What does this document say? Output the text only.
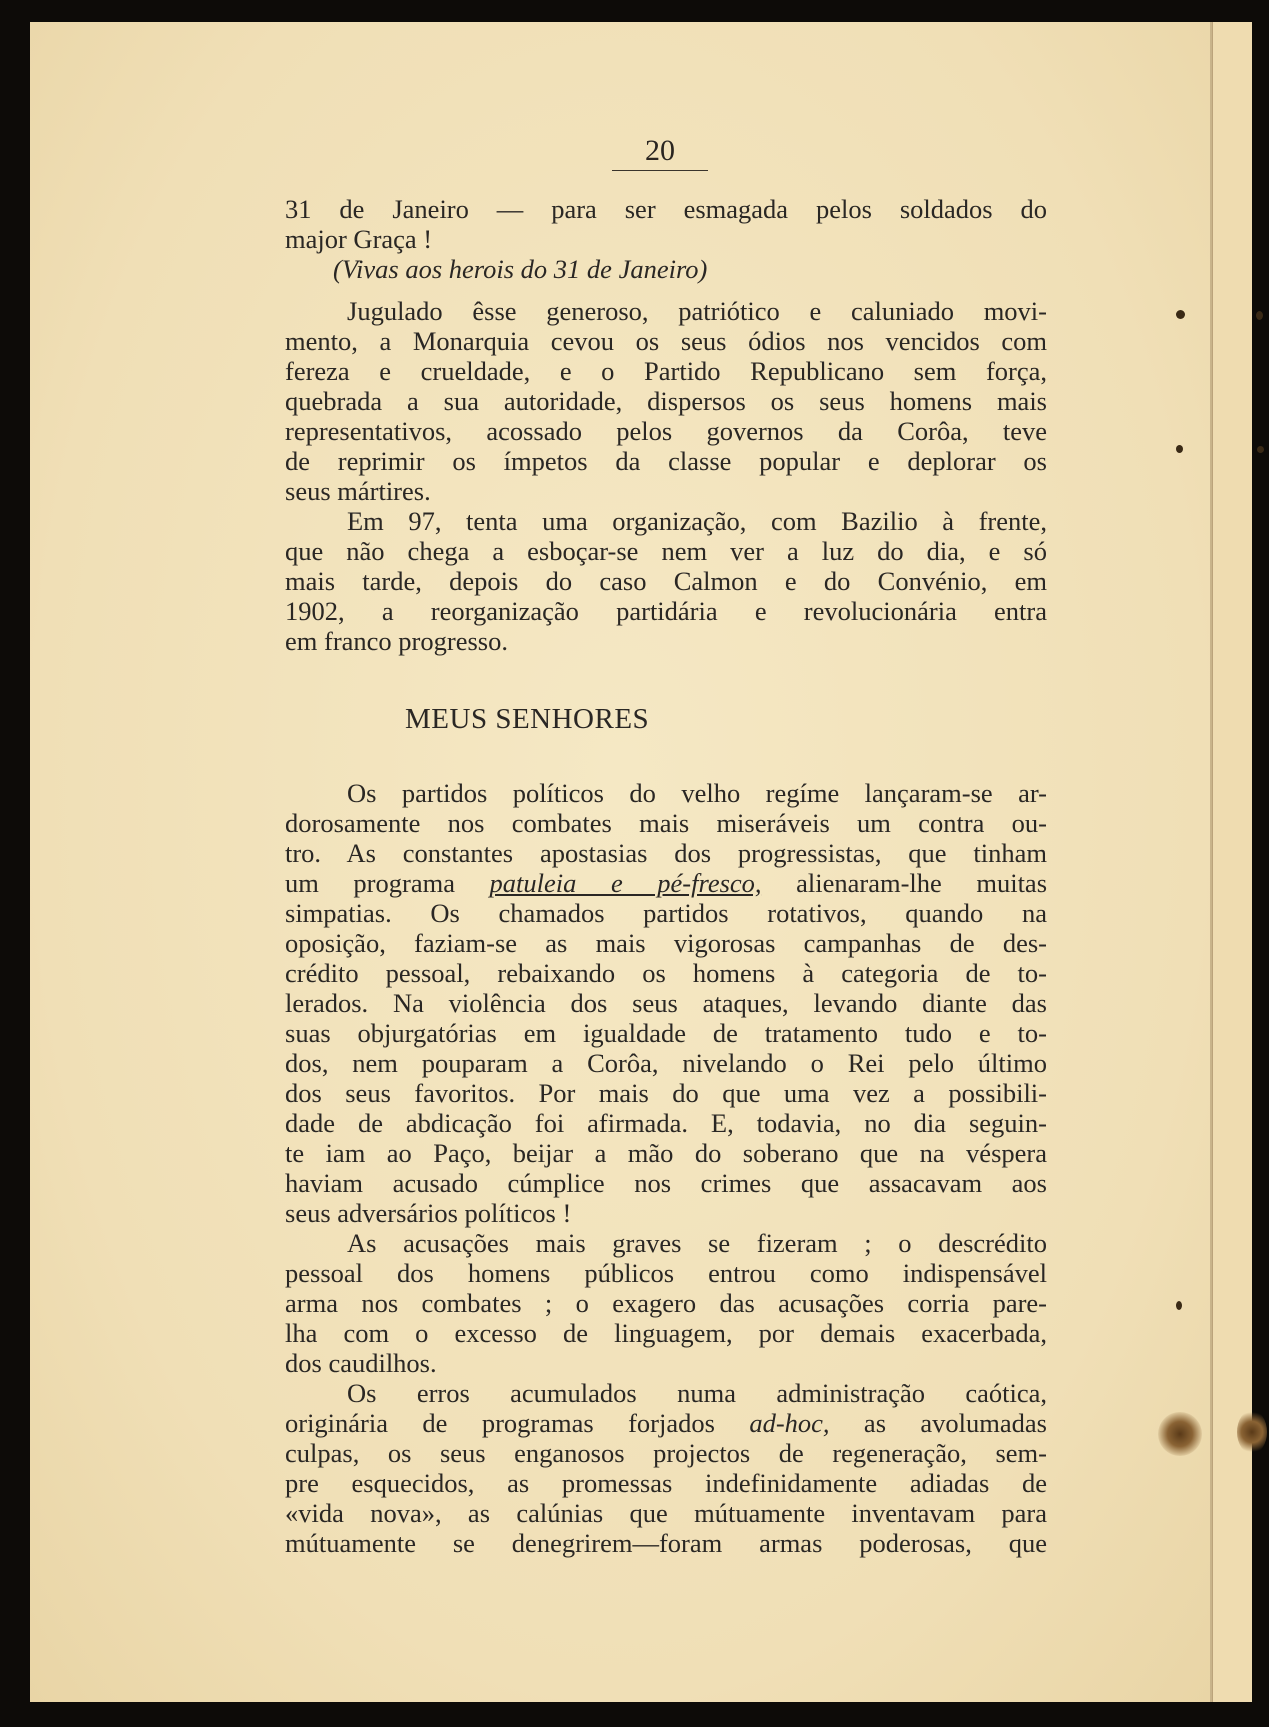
20
31 de Janeiro — para ser esmagada pelos soldados do
major Graça !
(Vivas aos herois do 31 de Janeiro)
Jugulado êsse generoso, patriótico e caluniado movi-
mento, a Monarquia cevou os seus ódios nos vencidos com
fereza e crueldade, e o Partido Republicano sem força,
quebrada a sua autoridade, dispersos os seus homens mais
representativos, acossado pelos governos da Corôa, teve
de reprimir os ímpetos da classe popular e deplorar os
seus mártires.
Em 97, tenta uma organização, com Bazilio à frente,
que não chega a esboçar-se nem ver a luz do dia, e só
mais tarde, depois do caso Calmon e do Convénio, em
1902, a reorganização partidária e revolucionária entra
em franco progresso.
MEUS SENHORES
Os partidos políticos do velho regíme lançaram-se ar-
dorosamente nos combates mais miseráveis um contra ou-
tro. As constantes apostasias dos progressistas, que tinham
um programa patuleia e pé-fresco, alienaram-lhe muitas
simpatias. Os chamados partidos rotativos, quando na
oposição, faziam-se as mais vigorosas campanhas de des-
crédito pessoal, rebaixando os homens à categoria de to-
lerados. Na violência dos seus ataques, levando diante das
suas objurgatórias em igualdade de tratamento tudo e to-
dos, nem pouparam a Corôa, nivelando o Rei pelo último
dos seus favoritos. Por mais do que uma vez a possibili-
dade de abdicação foi afirmada. E, todavia, no dia seguin-
te iam ao Paço, beijar a mão do soberano que na véspera
haviam acusado cúmplice nos crimes que assacavam aos
seus adversários políticos !
As acusações mais graves se fizeram ; o descrédito
pessoal dos homens públicos entrou como indispensável
arma nos combates ; o exagero das acusações corria pare-
lha com o excesso de linguagem, por demais exacerbada,
dos caudilhos.
Os erros acumulados numa administração caótica,
originária de programas forjados ad-hoc, as avolumadas
culpas, os seus enganosos projectos de regeneração, sem-
pre esquecidos, as promessas indefinidamente adiadas de
«vida nova», as calúnias que mútuamente inventavam para
mútuamente se denegrirem—foram armas poderosas, que
